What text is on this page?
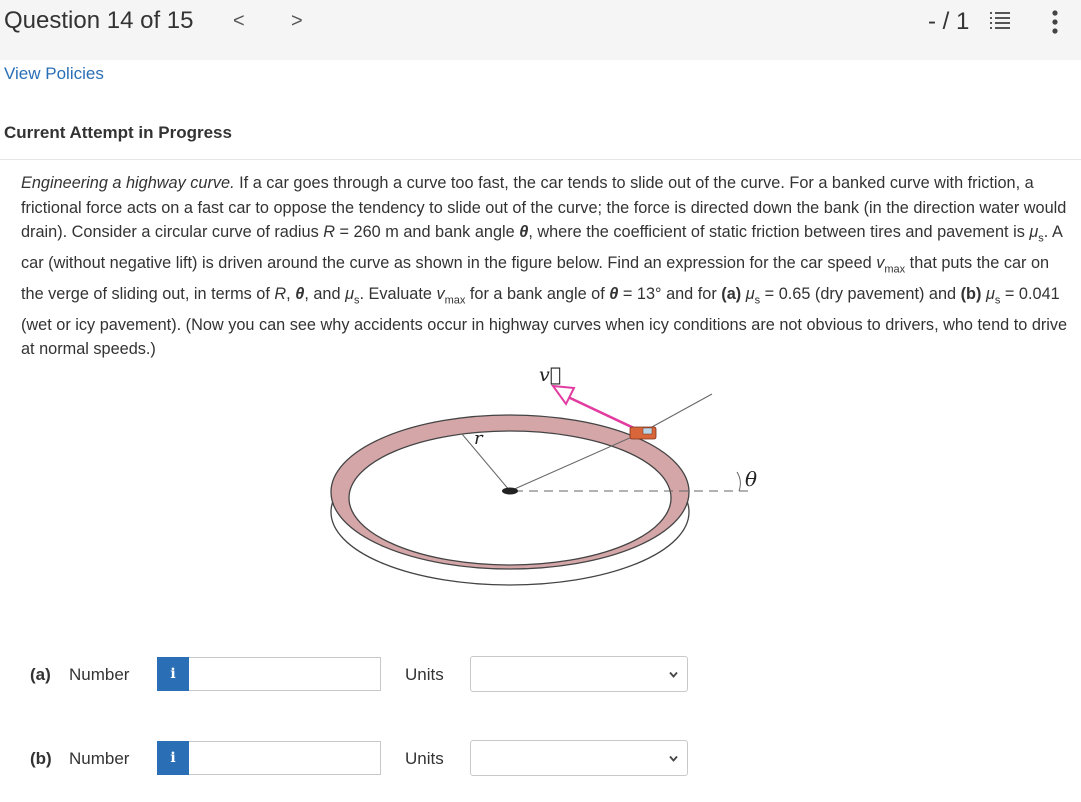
Question 14 of 15 < >	- / 1
View Policies
Current Attempt in Progress
Engineering a highway curve. If a car goes through a curve too fast, the car tends to slide out of the curve. For a banked curve with friction, a frictional force acts on a fast car to oppose the tendency to slide out of the curve; the force is directed down the bank (in the direction water would drain). Consider a circular curve of radius R = 260 m and bank angle θ, where the coefficient of static friction between tires and pavement is $\mu_s$. A car (without negative lift) is driven around the curve as shown in the figure below. Find an expression for the car speed $v_{max}$ that puts the car on the verge of sliding out, in terms of R, θ, and $\mu_s$. Evaluate $v_{max}$ for a bank angle of θ = 13° and for (a) $\mu_s = 0.65$ (dry pavement) and (b) $\mu_s = 0.041$ (wet or icy pavement). (Now you can see why accidents occur in highway curves when icy conditions are not obvious to drivers, who tend to drive at normal speeds.)
v⃗
r
θ
(a) Number	i	Units
(b) Number	i	Units
